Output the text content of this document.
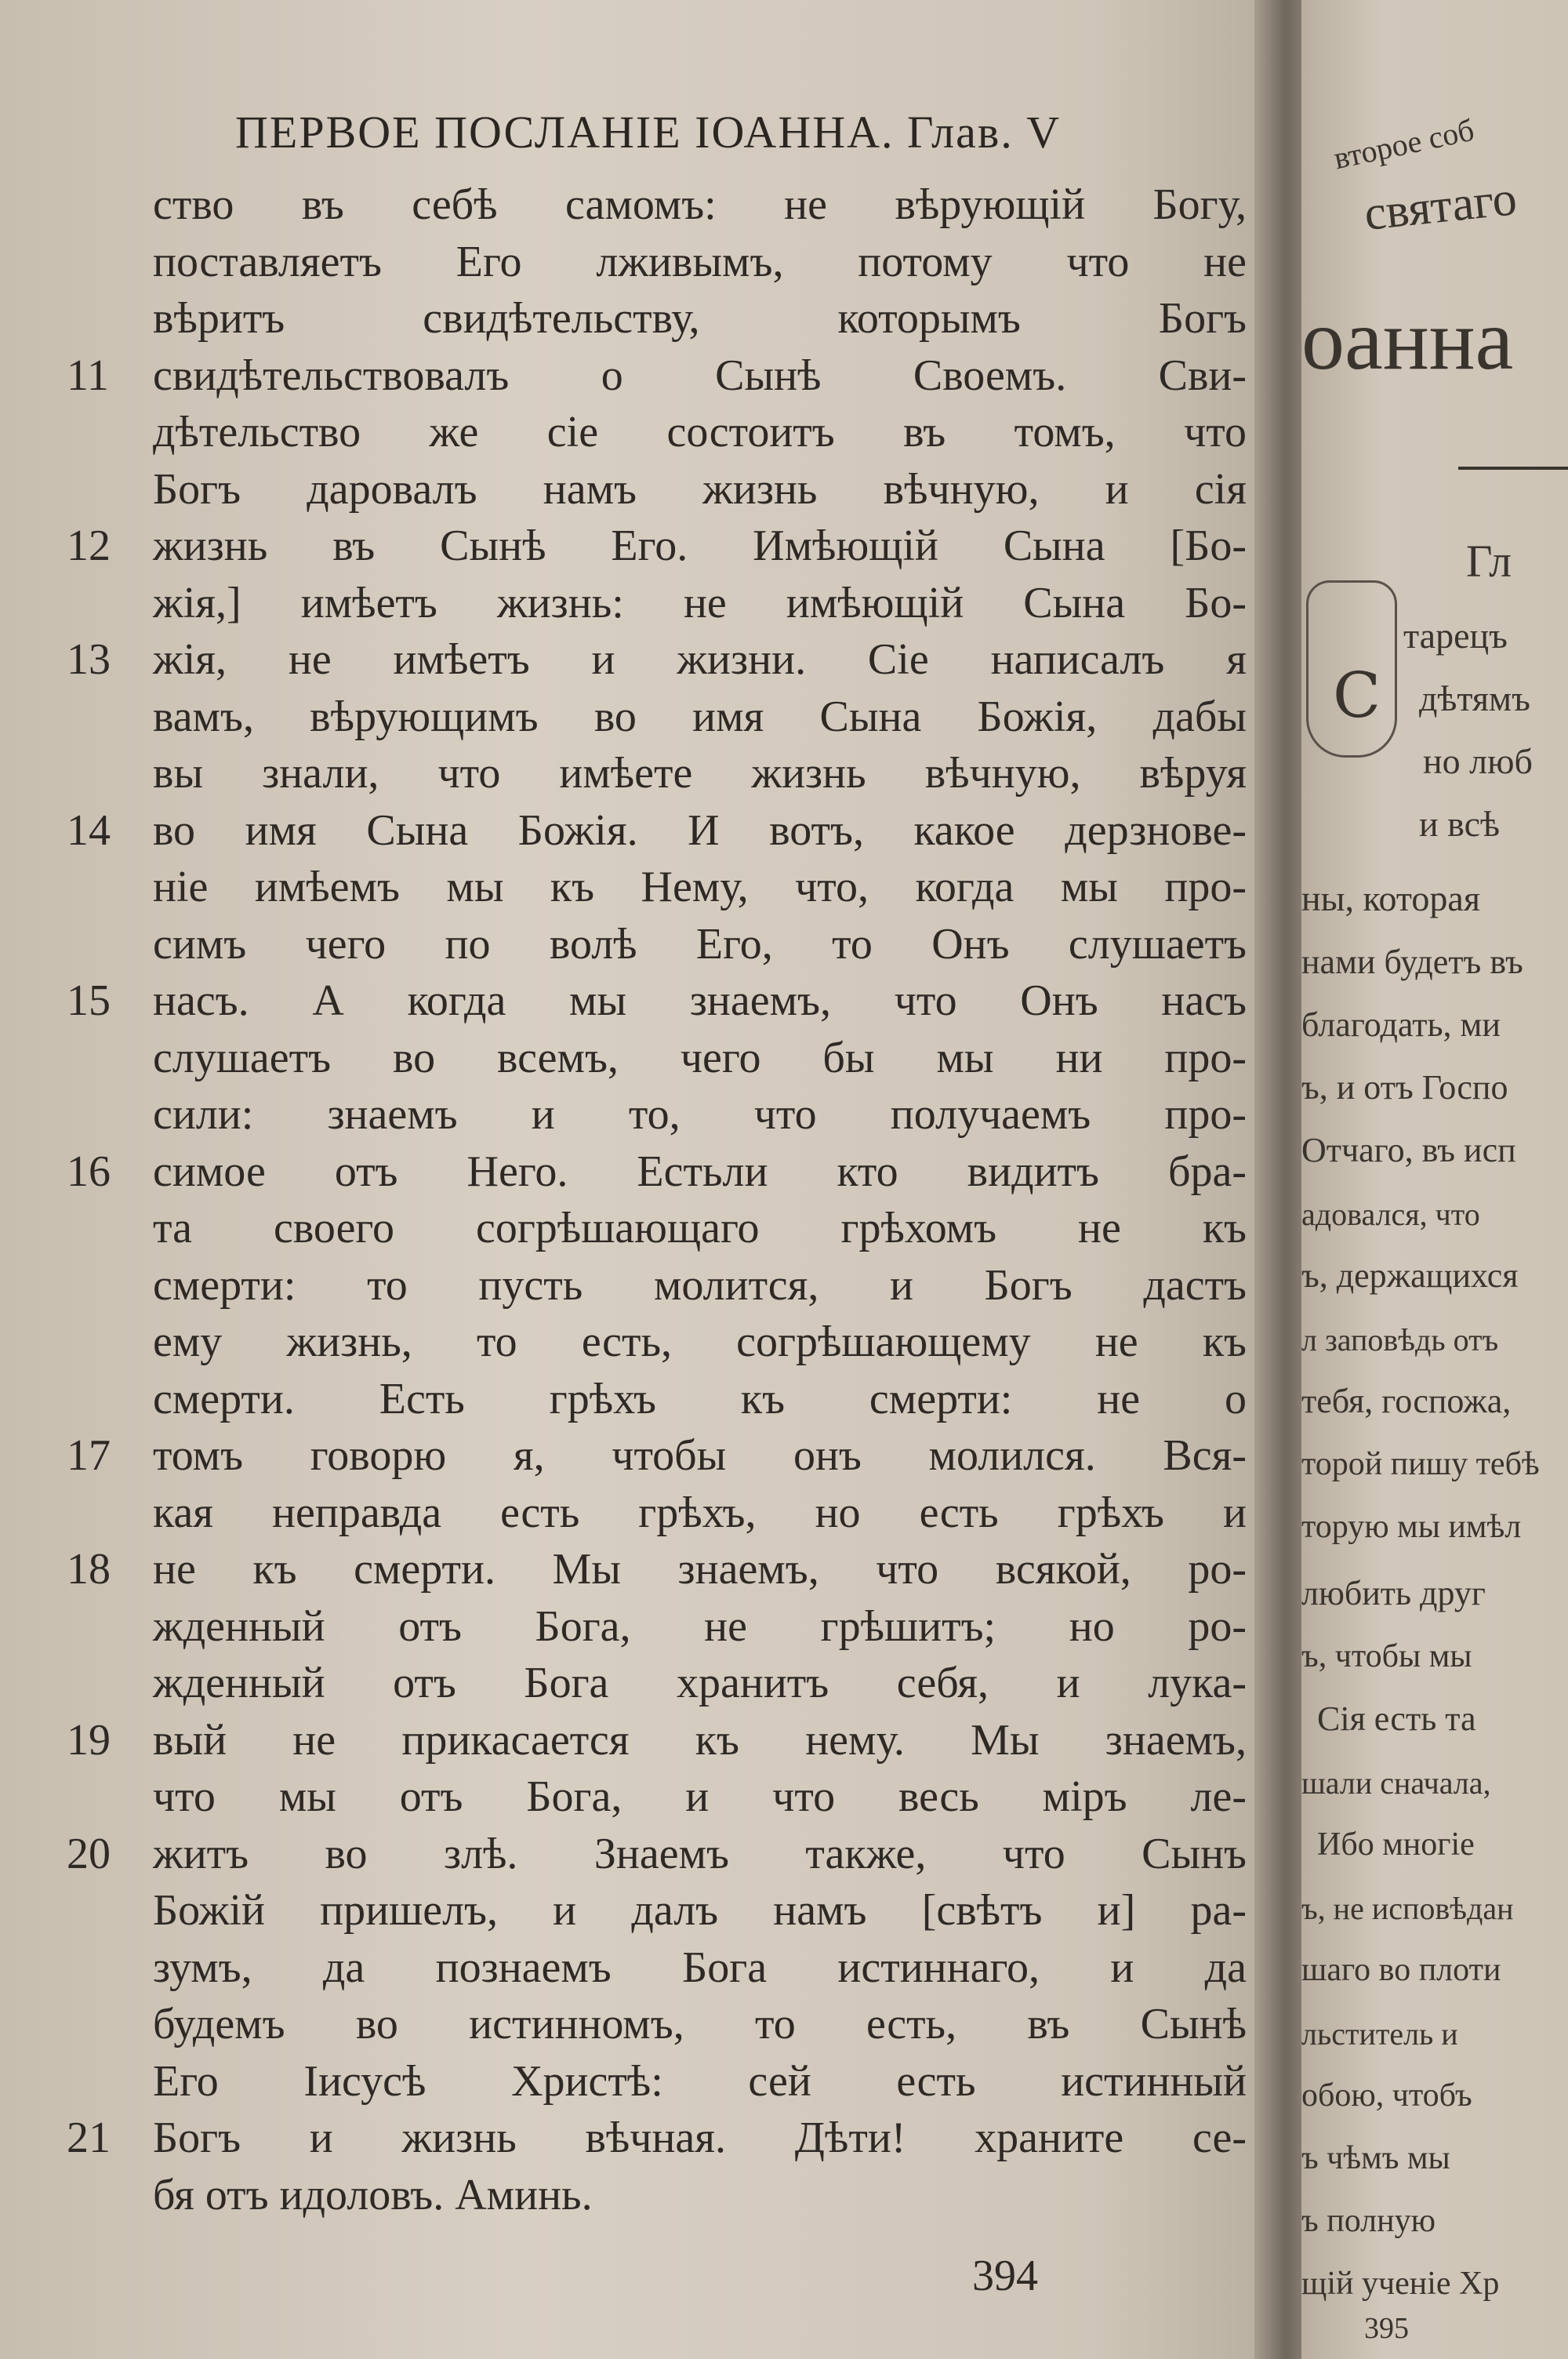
ПЕРВОЕ ПОСЛАНІЕ ІОАННА. Глав. V
ство въ себѣ самомъ: не вѣрующій Богу,
поставляетъ Его лживымъ, потому что не
вѣритъ свидѣтельству, которымъ Богъ
11	свидѣтельствовалъ о Сынѣ Своемъ. Сви-
дѣтельство же сіе состоитъ въ томъ, что
Богъ даровалъ намъ жизнь вѣчную, и сія
12 жизнь въ Сынѣ Его. Имѣющій Сына [Бо-
жія,] имѣетъ жизнь: не имѣющій Сына Бо-
13 жія, не имѣетъ и жизни. Сіе написалъ я
вамъ, вѣрующимъ во имя Сына Божія, дабы
вы знали, что имѣете жизнь вѣчную, вѣруя
14 во имя Сына Божія. И вотъ, какое дерзнове-
ніе имѣемъ мы къ Нему, что, когда мы про-
симъ чего по волѣ Его, то Онъ слушаетъ
15 насъ. А когда мы знаемъ, что Онъ насъ
слушаетъ во всемъ, чего бы мы ни про-
сили: знаемъ и то, что получаемъ про-
16 симое отъ Него. Естьли кто видитъ бра-
та своего согрѣшающаго грѣхомъ не къ
смерти: то пусть молится, и Богъ дастъ
ему жизнь, то есть, согрѣшающему не къ
смерти. Есть грѣхъ къ смерти: не о
17 томъ говорю я, чтобы онъ молился. Вся-
кая неправда есть грѣхъ, но есть грѣхъ и
18 не къ смерти. Мы знаемъ, что всякой, ро-
жденный отъ Бога, не грѣшитъ; но ро-
жденный отъ Бога хранитъ себя, и лука-
19 вый не прикасается къ нему. Мы знаемъ,
что мы отъ Бога, и что весь міръ ле-
20 житъ во злѣ. Знаемъ также, что Сынъ
Божій пришелъ, и далъ намъ [свѣтъ и] ра-
зумъ, да познаемъ Бога истиннаго, и да
будемъ во истинномъ, то есть, въ Сынѣ
Его Іисусѣ Христѣ: сей есть истинный
21 Богъ и жизнь вѣчная. Дѣти! храните се-
бя отъ идоловъ. Аминь.
394
С
второе соб
святаго
оанна
Гл
тарецъ
дѣтямъ
но люб
и всѣ
ны, которая
нами будетъ въ
благодать, ми
ъ, и отъ Госпо
Отчаго, въ исп
адовался, что
ъ, держащихся
л заповѣдь отъ
тебя, госпожа,
торой пишу тебѣ
торую мы имѣл
любить друг
ъ, чтобы мы
Сія есть та
шали сначала,
Ибо многіе
ъ, не исповѣдан
шаго во плоти
льститель и
обою, чтобъ
ъ чѣмъ мы
ъ полную
щій ученіе Хр
395
